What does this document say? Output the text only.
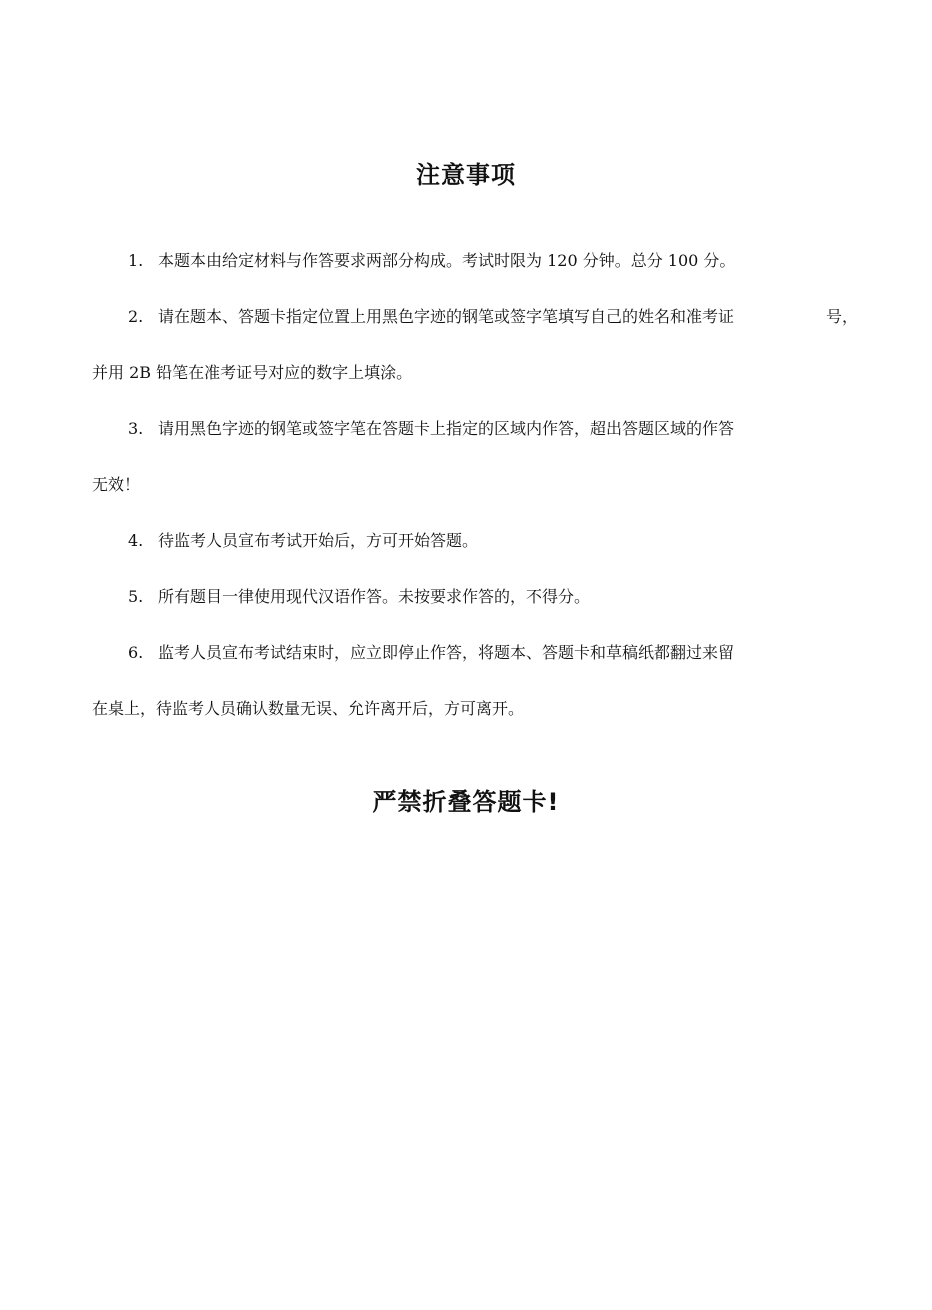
注意事项
1. 本题本由给定材料与作答要求两部分构成。考试时限为 120 分钟。总分 100 分。
2. 请在题本、答题卡指定位置上用黑色字迹的钢笔或签字笔填写自己的姓名和准考证	号，
并用 2B 铅笔在准考证号对应的数字上填涂。
3. 请用黑色字迹的钢笔或签字笔在答题卡上指定的区域内作答，超出答题区域的作答
无效！
4. 待监考人员宣布考试开始后，方可开始答题。
5. 所有题目一律使用现代汉语作答。未按要求作答的，不得分。
6. 监考人员宣布考试结束时，应立即停止作答，将题本、答题卡和草稿纸都翻过来留
在桌上，待监考人员确认数量无误、允许离开后，方可离开。
严禁折叠答题卡!
